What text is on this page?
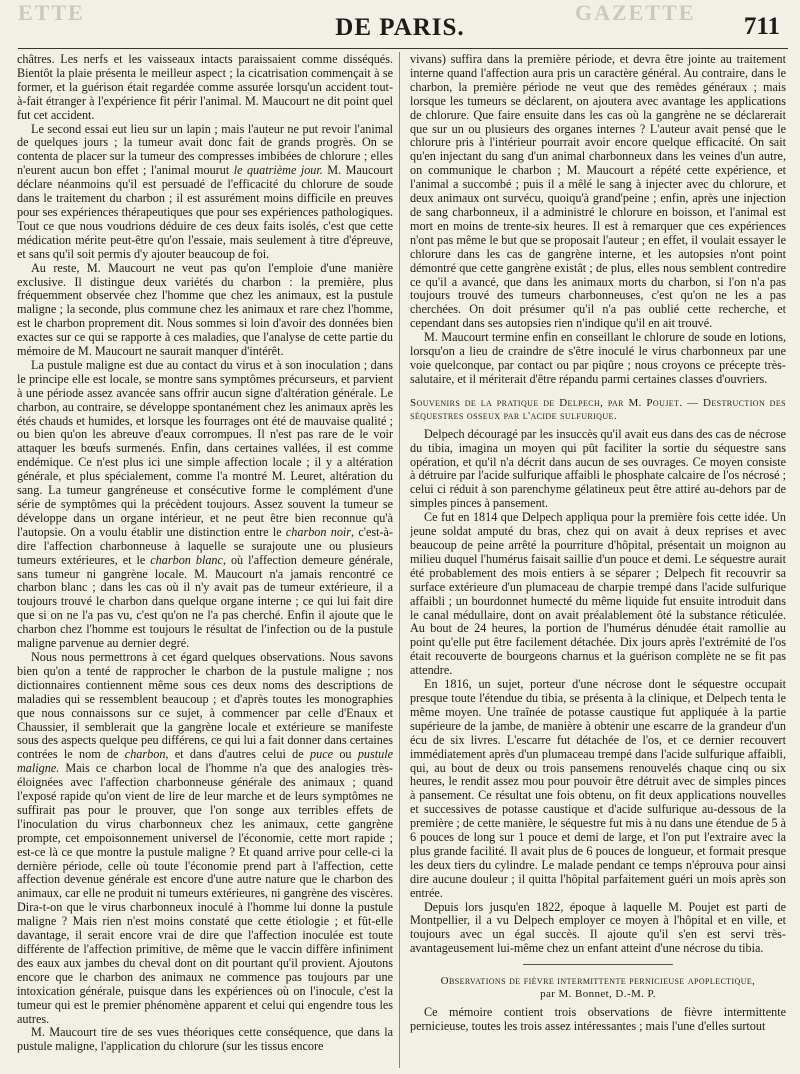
ETTE	GAZETTE
DE PARIS.	711

châtres. Les nerfs et les vaisseaux intacts paraissaient comme disséqués. Bientôt la plaie présenta le meilleur aspect ; la cicatrisation commençait à se former, et la guérison était regardée comme assurée lorsqu'un accident tout-à-fait étranger à l'expérience fit périr l'animal. M. Maucourt ne dit point quel fut cet accident.

Le second essai eut lieu sur un lapin ; mais l'auteur ne put revoir l'animal de quelques jours ; la tumeur avait donc fait de grands progrès. On se contenta de placer sur la tumeur des compresses imbibées de chlorure ; elles n'eurent aucun bon effet ; l'animal mourut le quatrième jour. M. Maucourt déclare néanmoins qu'il est persuadé de l'efficacité du chlorure de soude dans le traitement du charbon ; il est assurément moins difficile en preuves pour ses expériences thérapeutiques que pour ses expériences pathologiques. Tout ce que nous voudrions déduire de ces deux faits isolés, c'est que cette médication mérite peut-être qu'on l'essaie, mais seulement à titre d'épreuve, et sans qu'il soit permis d'y ajouter beaucoup de foi.

Au reste, M. Maucourt ne veut pas qu'on l'emploie d'une manière exclusive. Il distingue deux variétés du charbon : la première, plus fréquemment observée chez l'homme que chez les animaux, est la pustule maligne ; la seconde, plus commune chez les animaux et rare chez l'homme, est le charbon proprement dit. Nous sommes si loin d'avoir des données bien exactes sur ce qui se rapporte à ces maladies, que l'analyse de cette partie du mémoire de M. Maucourt ne saurait manquer d'intérêt.

La pustule maligne est due au contact du virus et à son inoculation ; dans le principe elle est locale, se montre sans symptômes précurseurs, et parvient à une période assez avancée sans offrir aucun signe d'altération générale. Le charbon, au contraire, se développe spontanément chez les animaux après les étés chauds et humides, et lorsque les fourrages ont été de mauvaise qualité ; ou bien qu'on les abreuve d'eaux corrompues. Il n'est pas rare de le voir attaquer les bœufs surmenés. Enfin, dans certaines vallées, il est comme endémique. Ce n'est plus ici une simple affection locale ; il y a altération générale, et plus spécialement, comme l'a montré M. Leuret, altération du sang. La tumeur gangréneuse et consécutive forme le complément d'une série de symptômes qui la précèdent toujours. Assez souvent la tumeur se développe dans un organe intérieur, et ne peut être bien reconnue qu'à l'autopsie. On a voulu établir une distinction entre le charbon noir, c'est-à-dire l'affection charbonneuse à laquelle se surajoute une ou plusieurs tumeurs extérieures, et le charbon blanc, où l'affection demeure générale, sans tumeur ni gangrène locale. M. Maucourt n'a jamais rencontré ce charbon blanc ; dans les cas où il n'y avait pas de tumeur extérieure, il a toujours trouvé le charbon dans quelque organe interne ; ce qui lui fait dire que si on ne l'a pas vu, c'est qu'on ne l'a pas cherché. Enfin il ajoute que le charbon chez l'homme est toujours le résultat de l'infection ou de la pustule maligne parvenue au dernier degré.

Nous nous permettrons à cet égard quelques observations. Nous savons bien qu'on a tenté de rapprocher le charbon de la pustule maligne ; nos dictionnaires contiennent même sous ces deux noms des descriptions de maladies qui se ressemblent beaucoup ; et d'après toutes les monographies que nous connaissons sur ce sujet, à commencer par celle d'Enaux et Chaussier, il semblerait que la gangrène locale et extérieure se manifeste sous des aspects quelque peu différens, ce qui lui a fait donner dans certaines contrées le nom de charbon, et dans d'autres celui de puce ou pustule maligne. Mais ce charbon local de l'homme n'a que des analogies très-éloignées avec l'affection charbonneuse générale des animaux ; quand l'exposé rapide qu'on vient de lire de leur marche et de leurs symptômes ne suffirait pas pour le prouver, que l'on songe aux terribles effets de l'inoculation du virus charbonneux chez les animaux, cette gangrène prompte, cet empoisonnement universel de l'économie, cette mort rapide ; est-ce là ce que montre la pustule maligne ? Et quand arrive pour celle-ci la dernière période, celle où toute l'économie prend part à l'affection, cette affection devenue générale est encore d'une autre nature que le charbon des animaux, car elle ne produit ni tumeurs extérieures, ni gangrène des viscères. Dira-t-on que le virus charbonneux inoculé à l'homme lui donne la pustule maligne ? Mais rien n'est moins constaté que cette étiologie ; et fût-elle davantage, il serait encore vrai de dire que l'affection inoculée est toute différente de l'affection primitive, de même que le vaccin diffère infiniment des eaux aux jambes du cheval dont on dit pourtant qu'il provient. Ajoutons encore que le charbon des animaux ne commence pas toujours par une intoxication générale, puisque dans les expériences où on l'inocule, c'est la tumeur qui est le premier phénomène apparent et celui qui engendre tous les autres.

M. Maucourt tire de ses vues théoriques cette conséquence, que dans la pustule maligne, l'application du chlorure (sur les tissus encore

vivans) suffira dans la première période, et devra être jointe au traitement interne quand l'affection aura pris un caractère général. Au contraire, dans le charbon, la première période ne veut que des remèdes généraux ; mais lorsque les tumeurs se déclarent, on ajoutera avec avantage les applications de chlorure. Que faire ensuite dans les cas où la gangrène ne se déclarerait que sur un ou plusieurs des organes internes ? L'auteur avait pensé que le chlorure pris à l'intérieur pourrait avoir encore quelque efficacité. On sait qu'en injectant du sang d'un animal charbonneux dans les veines d'un autre, on communique le charbon ; M. Maucourt a répété cette expérience, et l'animal a succombé ; puis il a mêlé le sang à injecter avec du chlorure, et deux animaux ont survécu, quoiqu'à grand'peine ; enfin, après une injection de sang charbonneux, il a administré le chlorure en boisson, et l'animal est mort en moins de trente-six heures. Il est à remarquer que ces expériences n'ont pas même le but que se proposait l'auteur ; en effet, il voulait essayer le chlorure dans les cas de gangrène interne, et les autopsies n'ont point démontré que cette gangrène existât ; de plus, elles nous semblent contredire ce qu'il a avancé, que dans les animaux morts du charbon, si l'on n'a pas toujours trouvé des tumeurs charbonneuses, c'est qu'on ne les a pas cherchées. On doit présumer qu'il n'a pas oublié cette recherche, et cependant dans ses autopsies rien n'indique qu'il en ait trouvé.

M. Maucourt termine enfin en conseillant le chlorure de soude en lotions, lorsqu'on a lieu de craindre de s'être inoculé le virus charbonneux par une voie quelconque, par contact ou par piqûre ; nous croyons ce précepte très-salutaire, et il mériterait d'être répandu parmi certaines classes d'ouvriers.

Souvenirs de la pratique de Delpech, par M. Poujet. — Destruction des séquestres osseux par l'acide sulfurique.

Delpech découragé par les insuccès qu'il avait eus dans des cas de nécrose du tibia, imagina un moyen qui pût faciliter la sortie du séquestre sans opération, et qu'il n'a décrit dans aucun de ses ouvrages. Ce moyen consiste à détruire par l'acide sulfurique affaibli le phosphate calcaire de l'os nécrosé ; celui ci réduit à son parenchyme gélatineux peut être attiré au-dehors par de simples pinces à pansement.

Ce fut en 1814 que Delpech appliqua pour la première fois cette idée. Un jeune soldat amputé du bras, chez qui on avait à deux reprises et avec beaucoup de peine arrêté la pourriture d'hôpital, présentait un moignon au milieu duquel l'humérus faisait saillie d'un pouce et demi. Le séquestre aurait été probablement des mois entiers à se séparer ; Delpech fit recouvrir sa surface extérieure d'un plumaceau de charpie trempé dans l'acide sulfurique affaibli ; un bourdonnet humecté du même liquide fut ensuite introduit dans le canal médullaire, dont on avait préalablement ôté la substance réticulée. Au bout de 24 heures, la portion de l'humérus dénudée était ramollie au point qu'elle put être facilement détachée. Dix jours après l'extrémité de l'os était recouverte de bourgeons charnus et la guérison complète ne se fit pas attendre.

En 1816, un sujet, porteur d'une nécrose dont le séquestre occupait presque toute l'étendue du tibia, se présenta à la clinique, et Delpech tenta le même moyen. Une traînée de potasse caustique fut appliquée à la partie supérieure de la jambe, de manière à obtenir une escarre de la grandeur d'un écu de six livres. L'escarre fut détachée de l'os, et ce dernier recouvert immédiatement après d'un plumaceau trempé dans l'acide sulfurique affaibli, qui, au bout de deux ou trois pansemens renouvelés chaque cinq ou six heures, le rendit assez mou pour pouvoir être détruit avec de simples pinces à pansement. Ce résultat une fois obtenu, on fit deux applications nouvelles et successives de potasse caustique et d'acide sulfurique au-dessous de la première ; de cette manière, le séquestre fut mis à nu dans une étendue de 5 à 6 pouces de long sur 1 pouce et demi de large, et l'on put l'extraire avec la plus grande facilité. Il avait plus de 6 pouces de longueur, et formait presque les deux tiers du cylindre. Le malade pendant ce temps n'éprouva pour ainsi dire aucune douleur ; il quitta l'hôpital parfaitement guéri un mois après son entrée.

Depuis lors jusqu'en 1822, époque à laquelle M. Poujet est parti de Montpellier, il a vu Delpech employer ce moyen à l'hôpital et en ville, et toujours avec un égal succès. Il ajoute qu'il s'en est servi très-avantageusement lui-même chez un enfant atteint d'une nécrose du tibia.

Observations de fièvre intermittente pernicieuse apoplectique,
par M. Bonnet, D.-M. P.

Ce mémoire contient trois observations de fièvre intermittente pernicieuse, toutes les trois assez intéressantes ; mais l'une d'elles surtout
